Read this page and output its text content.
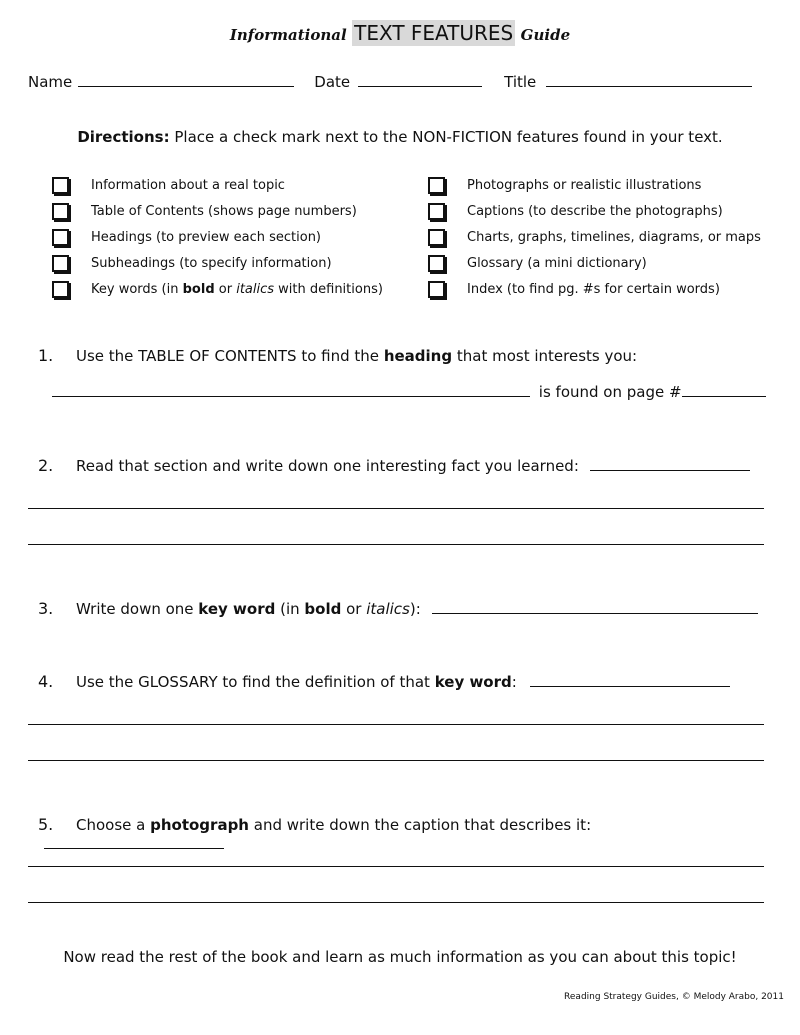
Informational TEXT FEATURES Guide
Name	Date	Title
Directions: Place a check mark next to the NON-FICTION features found in your text.
Information about a real topic
Table of Contents (shows page numbers)
Headings (to preview each section)
Subheadings (to specify information)
Key words (in bold or italics with definitions)
Photographs or realistic illustrations
Captions (to describe the photographs)
Charts, graphs, timelines, diagrams, or maps
Glossary (a mini dictionary)
Index (to find pg. #s for certain words)
1. Use the TABLE OF CONTENTS to find the heading that most interests you:
is found on page #
2. Read that section and write down one interesting fact you learned:
3. Write down one key word (in bold or italics):
4. Use the GLOSSARY to find the definition of that key word:
5. Choose a photograph and write down the caption that describes it:
Now read the rest of the book and learn as much information as you can about this topic!
Reading Strategy Guides, © Melody Arabo, 2011
